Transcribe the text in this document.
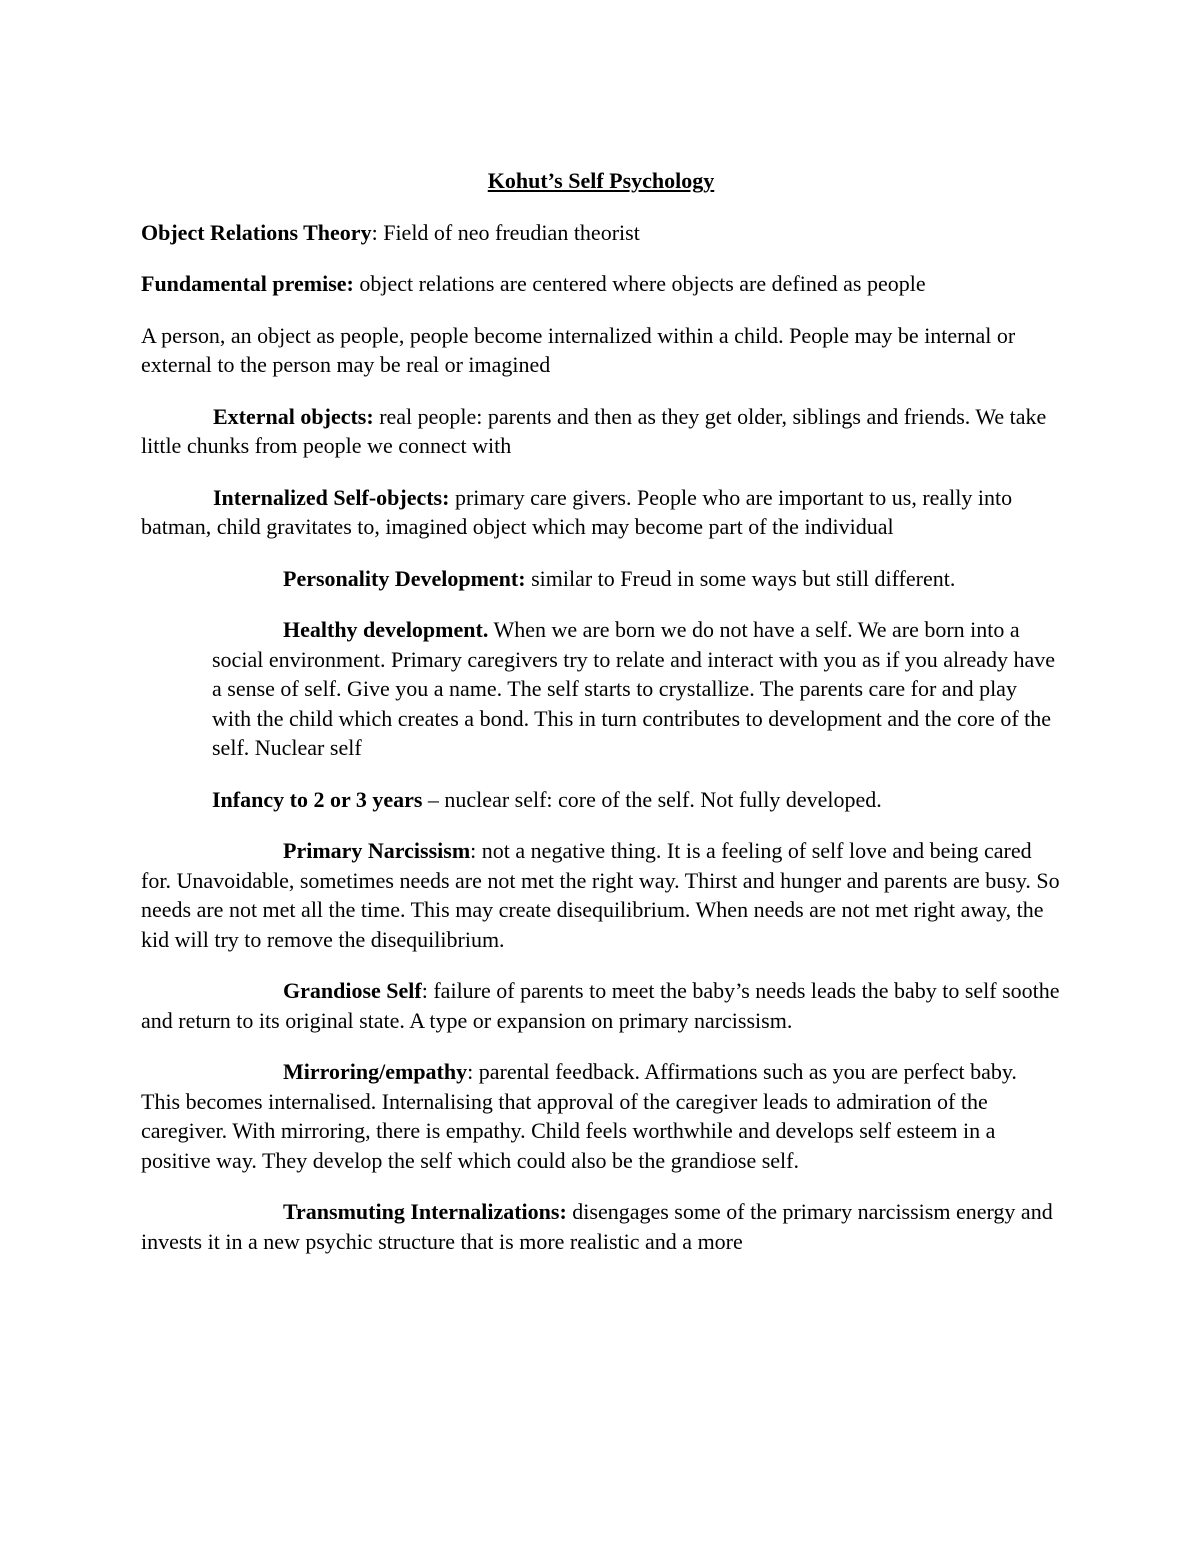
Kohut’s Self Psychology

Object Relations Theory: Field of neo freudian theorist

Fundamental premise: object relations are centered where objects are defined as people

A person, an object as people, people become internalized within a child. People may be internal or external to the person may be real or imagined

External objects: real people: parents and then as they get older, siblings and friends. We take little chunks from people we connect with

Internalized Self-objects: primary care givers. People who are important to us, really into batman, child gravitates to, imagined object which may become part of the individual

Personality Development: similar to Freud in some ways but still different.

Healthy development. When we are born we do not have a self. We are born into a social environment. Primary caregivers try to relate and interact with you as if you already have a sense of self. Give you a name. The self starts to crystallize. The parents care for and play with the child which creates a bond. This in turn contributes to development and the core of the self. Nuclear self

Infancy to 2 or 3 years – nuclear self: core of the self. Not fully developed.

Primary Narcissism: not a negative thing. It is a feeling of self love and being cared for. Unavoidable, sometimes needs are not met the right way. Thirst and hunger and parents are busy. So needs are not met all the time. This may create disequilibrium. When needs are not met right away, the kid will try to remove the disequilibrium.

Grandiose Self: failure of parents to meet the baby’s needs leads the baby to self soothe and return to its original state. A type or expansion on primary narcissism.

Mirroring/empathy: parental feedback. Affirmations such as you are perfect baby. This becomes internalised. Internalising that approval of the caregiver leads to admiration of the caregiver. With mirroring, there is empathy. Child feels worthwhile and develops self esteem in a positive way. They develop the self which could also be the grandiose self.

Transmuting Internalizations: disengages some of the primary narcissism energy and invests it in a new psychic structure that is more realistic and a more
